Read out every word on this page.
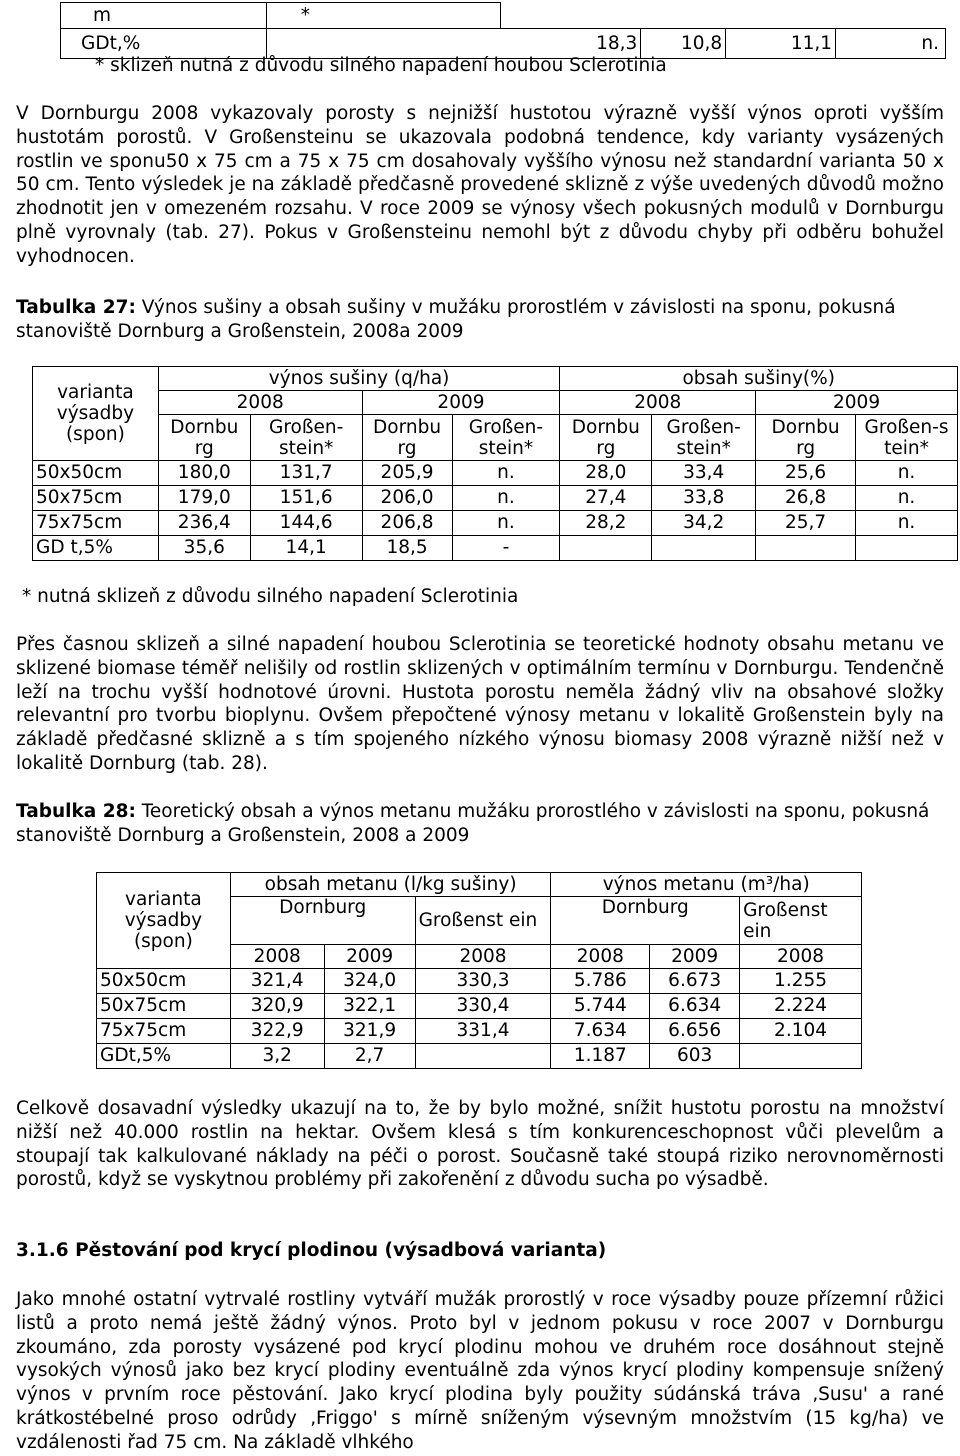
m	*				
GDt,%		18,3	10,8	11,1	n.
* sklizeň nutná z důvodu silného napadení houbou Sclerotinia

V Dornburgu 2008 vykazovaly porosty s nejnižší hustotou výrazně vyšší výnos oproti vyšším hustotám porostů. V Großensteinu se ukazovala podobná tendence, kdy varianty vysázených rostlin ve sponu50 x 75 cm a 75 x 75 cm dosahovaly vyššího výnosu než standardní varianta 50 x 50 cm. Tento výsledek je na základě předčasně provedené sklizně z výše uvedených důvodů možno zhodnotit jen v omezeném rozsahu. V roce 2009 se výnosy všech pokusných modulů v Dornburgu plně vyrovnaly (tab. 27). Pokus v Großensteinu nemohl být z důvodu chyby při odběru bohužel vyhodnocen.

Tabulka 27: Výnos sušiny a obsah sušiny v mužáku prorostlém v závislosti na sponu, pokusná stanoviště Dornburg a Großenstein, 2008a 2009
varianta výsadby (spon)	výnos sušiny (q/ha)				obsah sušiny(%)			
	2008		2009		2008		2009	
	Dornbu rg	Großen- stein*	Dornbu rg	Großen- stein*	Dornbu rg	Großen- stein*	Dornbu rg	Großen-s tein*
50x50cm	180,0	131,7	205,9	n.	28,0	33,4	25,6	n.
50x75cm	179,0	151,6	206,0	n.	27,4	33,8	26,8	n.
75x75cm	236,4	144,6	206,8	n.	28,2	34,2	25,7	n.
GD t,5%	35,6	14,1	18,5	-				
* nutná sklizeň z důvodu silného napadení Sclerotinia

Přes časnou sklizeň a silné napadení houbou Sclerotinia se teoretické hodnoty obsahu metanu ve sklizené biomase téměř nelišily od rostlin sklizených v optimálním termínu v Dornburgu. Tendenčně leží na trochu vyšší hodnotové úrovni. Hustota porostu neměla žádný vliv na obsahové složky relevantní pro tvorbu bioplynu. Ovšem přepočtené výnosy metanu v lokalitě Großenstein byly na základě předčasné sklizně a s tím spojeného nízkého výnosu biomasy 2008 výrazně nižší než v lokalitě Dornburg (tab. 28).

Tabulka 28: Teoretický obsah a výnos metanu mužáku prorostlého v závislosti na sponu, pokusná stanoviště Dornburg a Großenstein, 2008 a 2009
varianta výsadby (spon)	obsah metanu (l/kg sušiny)			výnos metanu (m³/ha)		
	Dornburg		Großenst ein	Dornburg		Großenst ein
	2008	2009	2008	2008	2009	2008
50x50cm	321,4	324,0	330,3	5.786	6.673	1.255
50x75cm	320,9	322,1	330,4	5.744	6.634	2.224
75x75cm	322,9	321,9	331,4	7.634	6.656	2.104
GDt,5%	3,2	2,7		1.187	603	

Celkově dosavadní výsledky ukazují na to, že by bylo možné, snížit hustotu porostu na množství nižší než 40.000 rostlin na hektar. Ovšem klesá s tím konkurenceschopnost vůči plevelům a stoupají tak kalkulované náklady na péči o porost. Současně také stoupá riziko nerovnoměrnosti porostů, když se vyskytnou problémy při zakořenění z důvodu sucha po výsadbě.

3.1.6 Pěstování pod krycí plodinou (výsadbová varianta)

Jako mnohé ostatní vytrvalé rostliny vytváří mužák prorostlý v roce výsadby pouze přízemní růžici listů a proto nemá ještě žádný výnos. Proto byl v jednom pokusu v roce 2007 v Dornburgu zkoumáno, zda porosty vysázené pod krycí plodinu mohou ve druhém roce dosáhnout stejně vysokých výnosů jako bez krycí plodiny eventuálně zda výnos krycí plodiny kompensuje snížený výnos v prvním roce pěstování. Jako krycí plodina byly použity súdánská tráva ‚Susu' a rané krátkostébelné proso odrůdy ‚Friggo' s mírně sníženým výsevným množstvím (15 kg/ha) ve vzdálenosti řad 75 cm. Na základě vlhkého
